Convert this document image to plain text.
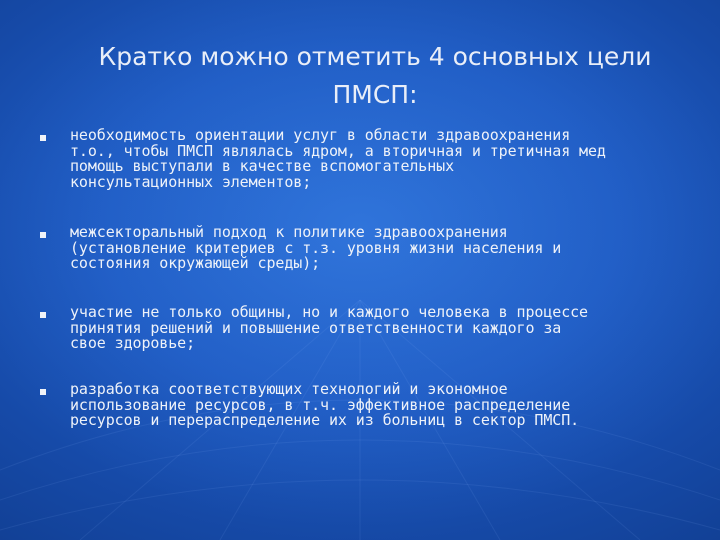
Кратко можно отметить 4 основных цели
ПМСП:
необходимость ориентации услуг в области здравоохранения
т.о., чтобы ПМСП являлась ядром, а вторичная и третичная мед
помощь выступали в качестве вспомогательных
консультационных элементов;
межсекторальный подход к политике здравоохранения
(установление критериев с т.з. уровня жизни населения и
состояния окружающей среды);
участие не только общины, но и каждого человека в процессе
принятия решений и повышение ответственности каждого за
свое здоровье;
разработка соответствующих технологий и экономное
использование ресурсов, в т.ч. эффективное распределение
ресурсов и перераспределение их из больниц в сектор ПМСП.
